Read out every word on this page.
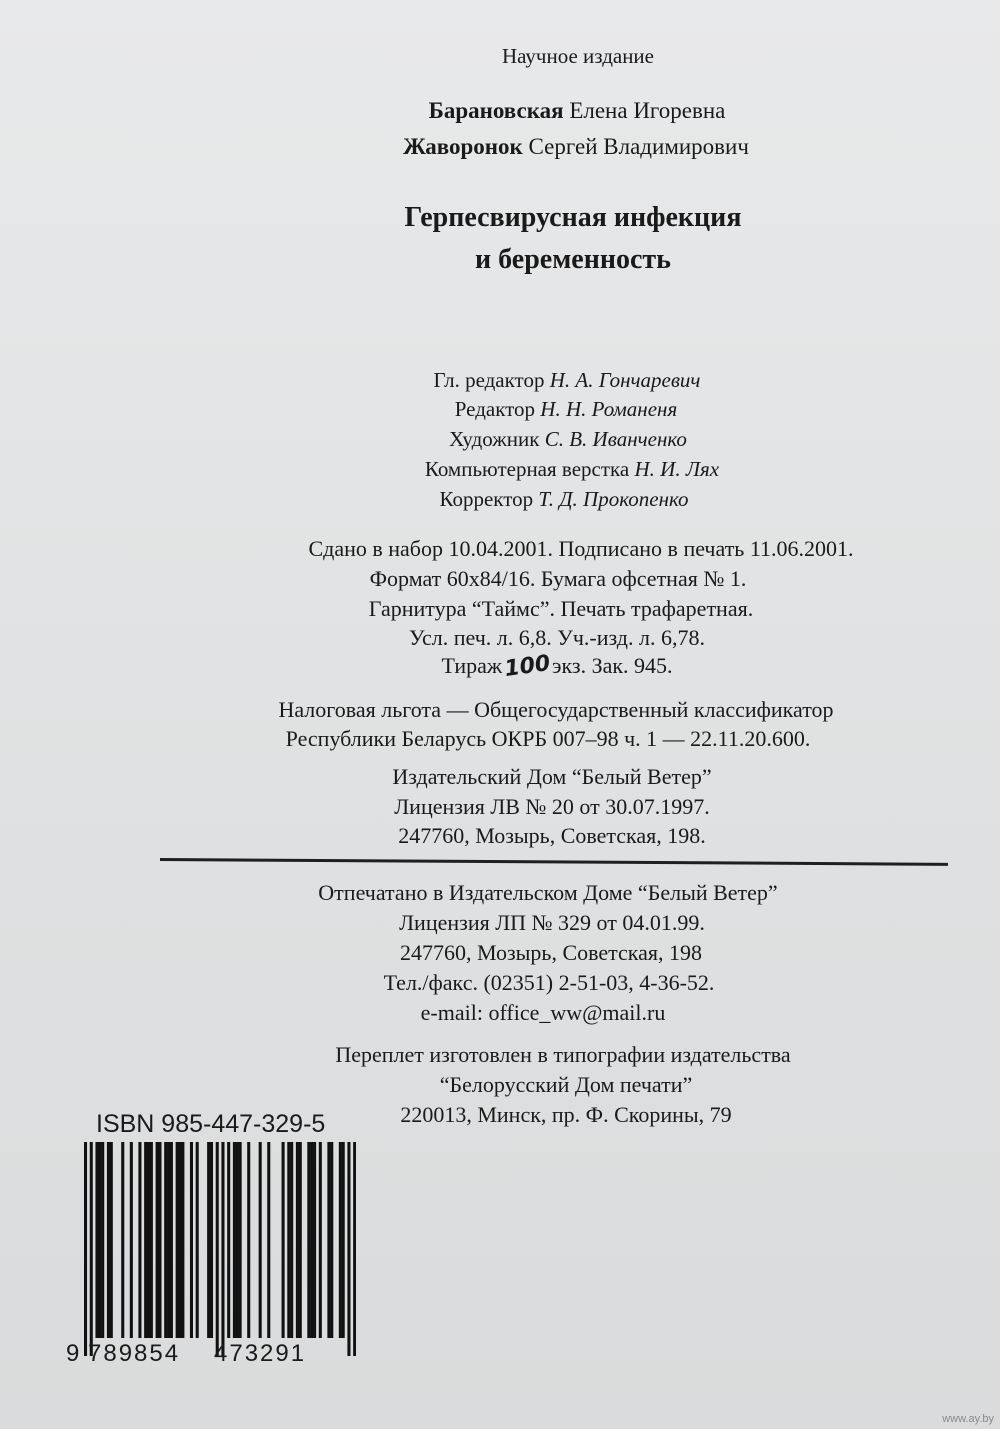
Научное издание
Барановская Елена Игоревна
Жаворонок Сергей Владимирович
Герпесвирусная инфекция
и беременность
Гл. редактор Н. А. Гончаревич
Редактор Н. Н. Романеня
Художник С. В. Иванченко
Компьютерная верстка Н. И. Лях
Корректор Т. Д. Прокопенко
Сдано в набор 10.04.2001. Подписано в печать 11.06.2001.
Формат 60x84/16. Бумага офсетная № 1.
Гарнитура “Таймс”. Печать трафаретная.
Усл. печ. л. 6,8. Уч.-изд. л. 6,78.
Тираж100экз. Зак. 945.
Налоговая льгота — Общегосударственный классификатор
Республики Беларусь ОКРБ 007–98 ч. 1 — 22.11.20.600.
Издательский Дом “Белый Ветер”
Лицензия ЛВ № 20 от 30.07.1997.
247760, Мозырь, Советская, 198.
Отпечатано в Издательском Доме “Белый Ветер”
Лицензия ЛП № 329 от 04.01.99.
247760, Мозырь, Советская, 198
Тел./факс. (02351) 2-51-03, 4-36-52.
e-mail: office_ww@mail.ru
Переплет изготовлен в типографии издательства
“Белорусский Дом печати”
220013, Минск, пр. Ф. Скорины, 79
ISBN 985-447-329-5
9 789854 473291
www.ay.by
